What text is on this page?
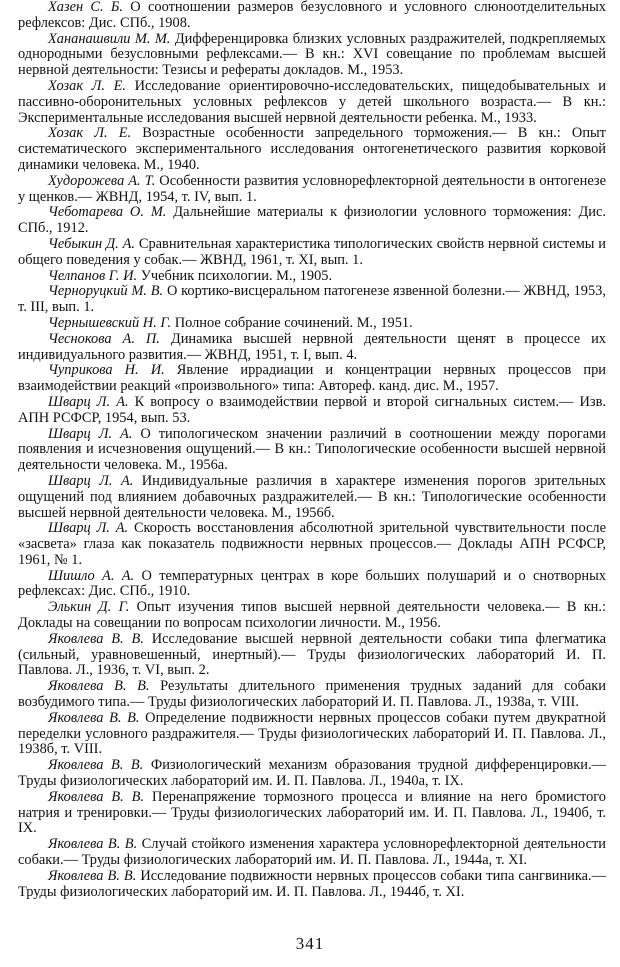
Хазен С. Б. О соотношении размеров безусловного и условного слюноотделительных рефлексов: Дис. СПб., 1908.

Хананашвили М. М. Дифференцировка близких условных раздражителей, подкрепляемых однородными безусловными рефлексами.— В кн.: XVI совещание по проблемам высшей нервной деятельности: Тезисы и рефераты докладов. М., 1953.

Хозак Л. Е. Исследование ориентировочно-исследовательских, пищедобывательных и пассивно-оборонительных условных рефлексов у детей школьного возраста.— В кн.: Экспериментальные исследования высшей нервной деятельности ребенка. М., 1933.

Хозак Л. Е. Возрастные особенности запредельного торможения.— В кн.: Опыт систематического экспериментального исследования онтогенетического развития корковой динамики человека. М., 1940.

Худорожева А. Т. Особенности развития условнорефлекторной деятельности в онтогенезе у щенков.— ЖВНД, 1954, т. IV, вып. 1.

Чеботарева О. М. Дальнейшие материалы к физиологии условного торможения: Дис. СПб., 1912.

Чебыкин Д. А. Сравнительная характеристика типологических свойств нервной системы и общего поведения у собак.— ЖВНД, 1961, т. XI, вып. 1.

Челпанов Г. И. Учебник психологии. М., 1905.

Черноруцкий М. В. О кортико-висцеральном патогенезе язвенной болезни.— ЖВНД, 1953, т. III, вып. 1.

Чернышевский Н. Г. Полное собрание сочинений. М., 1951.

Чеснокова А. П. Динамика высшей нервной деятельности щенят в процессе их индивидуального развития.— ЖВНД, 1951, т. I, вып. 4.

Чуприкова Н. И. Явление иррадиации и концентрации нервных процессов при взаимодействии реакций «произвольного» типа: Автореф. канд. дис. М., 1957.

Шварц Л. А. К вопросу о взаимодействии первой и второй сигнальных систем.— Изв. АПН РСФСР, 1954, вып. 53.

Шварц Л. А. О типологическом значении различий в соотношении между порогами появления и исчезновения ощущений.— В кн.: Типологические особенности высшей нервной деятельности человека. М., 1956а.

Шварц Л. А. Индивидуальные различия в характере изменения порогов зрительных ощущений под влиянием добавочных раздражителей.— В кн.: Типологические особенности высшей нервной деятельности человека. М., 1956б.

Шварц Л. А. Скорость восстановления абсолютной зрительной чувствительности после «засвета» глаза как показатель подвижности нервных процессов.— Доклады АПН РСФСР, 1961, № 1.

Шишло А. А. О температурных центрах в коре больших полушарий и о снотворных рефлексах: Дис. СПб., 1910.

Элькин Д. Г. Опыт изучения типов высшей нервной деятельности человека.— В кн.: Доклады на совещании по вопросам психологии личности. М., 1956.

Яковлева В. В. Исследование высшей нервной деятельности собаки типа флегматика (сильный, уравновешенный, инертный).— Труды физиологических лабораторий И. П. Павлова. Л., 1936, т. VI, вып. 2.

Яковлева В. В. Результаты длительного применения трудных заданий для собаки возбудимого типа.— Труды физиологических лабораторий И. П. Павлова. Л., 1938а, т. VIII.

Яковлева В. В. Определение подвижности нервных процессов собаки путем двукратной переделки условного раздражителя.— Труды физиологических лабораторий И. П. Павлова. Л., 1938б, т. VIII.

Яковлева В. В. Физиологический механизм образования трудной дифференцировки.— Труды физиологических лабораторий им. И. П. Павлова. Л., 1940а, т. IX.

Яковлева В. В. Перенапряжение тормозного процесса и влияние на него бромистого натрия и тренировки.— Труды физиологических лабораторий им. И. П. Павлова. Л., 1940б, т. IX.

Яковлева В. В. Случай стойкого изменения характера условнорефлекторной деятельности собаки.— Труды физиологических лабораторий им. И. П. Павлова. Л., 1944а, т. XI.

Яковлева В. В. Исследование подвижности нервных процессов собаки типа сангвиника.— Труды физиологических лабораторий им. И. П. Павлова. Л., 1944б, т. XI.

341
